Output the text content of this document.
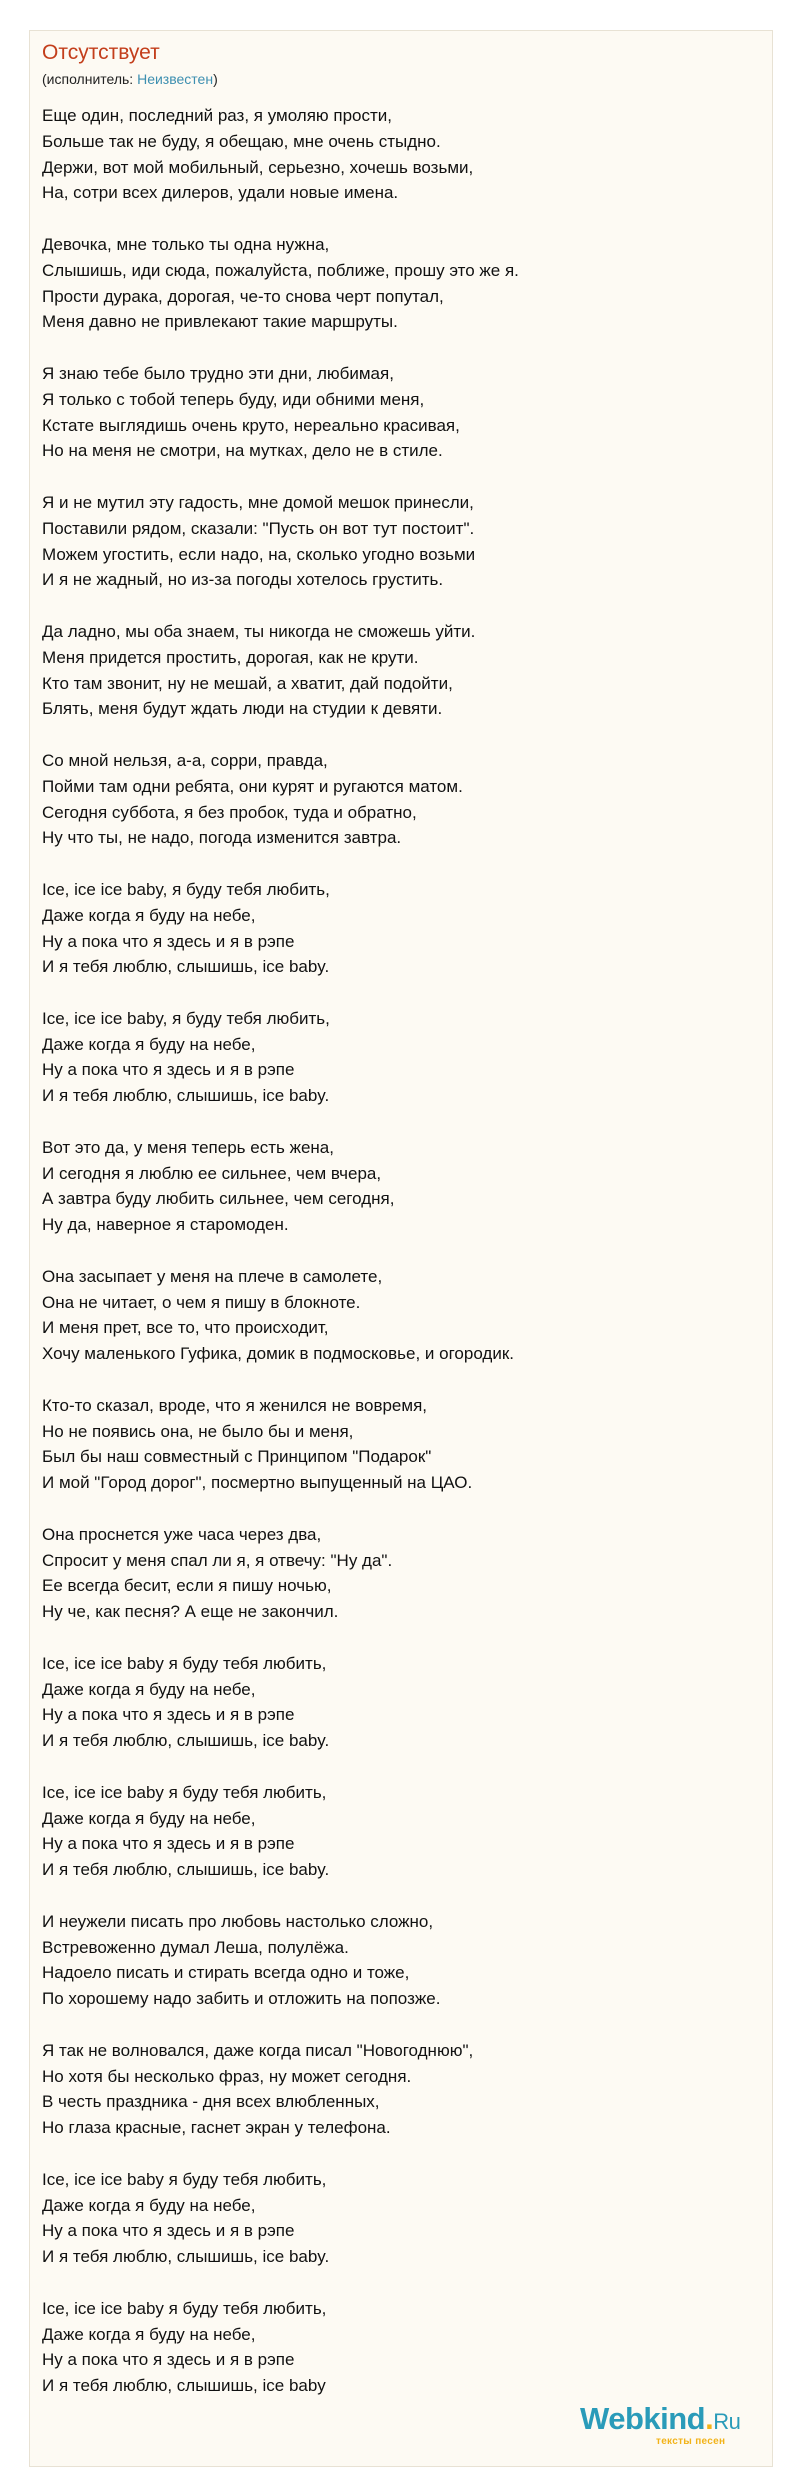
Отсутствует
(исполнитель: Неизвестен)
Еще один, последний раз, я умоляю прости,
Больше так не буду, я обещаю, мне очень стыдно.
Держи, вот мой мобильный, серьезно, хочешь возьми,
На, сотри всех дилеров, удали новые имена.
Девочка, мне только ты одна нужна,
Слышишь, иди сюда, пожалуйста, поближе, прошу это же я.
Прости дурака, дорогая, че-то снова черт попутал,
Меня давно не привлекают такие маршруты.
Я знаю тебе было трудно эти дни, любимая,
Я только с тобой теперь буду, иди обними меня,
Кстате выглядишь очень круто, нереально красивая,
Но на меня не смотри, на мутках, дело не в стиле.
Я и не мутил эту гадость, мне домой мешок принесли,
Поставили рядом, сказали: "Пусть он вот тут постоит".
Можем угостить, если надо, на, сколько угодно возьми
И я не жадный, но из-за погоды хотелось грустить.
Да ладно, мы оба знаем, ты никогда не сможешь уйти.
Меня придется простить, дорогая, как не крути.
Кто там звонит, ну не мешай, а хватит, дай подойти,
Блять, меня будут ждать люди на студии к девяти.
Со мной нельзя, а-а, сорри, правда,
Пойми там одни ребята, они курят и ругаются матом.
Сегодня суббота, я без пробок, туда и обратно,
Ну что ты, не надо, погода изменится завтра.
Ice, ice ice baby, я буду тебя любить,
Даже когда я буду на небе,
Ну а пока что я здесь и я в рэпе
И я тебя люблю, слышишь, ice baby.
Ice, ice ice baby, я буду тебя любить,
Даже когда я буду на небе,
Ну а пока что я здесь и я в рэпе
И я тебя люблю, слышишь, ice baby.
Вот это да, у меня теперь есть жена,
И сегодня я люблю ее сильнее, чем вчера,
А завтра буду любить сильнее, чем сегодня,
Ну да, наверное я старомоден.
Она засыпает у меня на плече в самолете,
Она не читает, о чем я пишу в блокноте.
И меня прет, все то, что происходит,
Хочу маленького Гуфика, домик в подмосковье, и огородик.
Кто-то сказал, вроде, что я женился не вовремя,
Но не появись она, не было бы и меня,
Был бы наш совместный с Принципом "Подарок"
И мой "Город дорог", посмертно выпущенный на ЦАО.
Она проснется уже часа через два,
Спросит у меня спал ли я, я отвечу: "Ну да".
Ее всегда бесит, если я пишу ночью,
Ну че, как песня? А еще не закончил.
Ice, ice ice baby я буду тебя любить,
Даже когда я буду на небе,
Ну а пока что я здесь и я в рэпе
И я тебя люблю, слышишь, ice baby.
Ice, ice ice baby я буду тебя любить,
Даже когда я буду на небе,
Ну а пока что я здесь и я в рэпе
И я тебя люблю, слышишь, ice baby.
И неужели писать про любовь настолько сложно,
Встревоженно думал Леша, полулёжа.
Надоело писать и стирать всегда одно и тоже,
По хорошему надо забить и отложить на попозже.
Я так не волновался, даже когда писал "Новогоднюю",
Но хотя бы несколько фраз, ну может сегодня.
В честь праздника - дня всех влюбленных,
Но глаза красные, гаснет экран у телефона.
Ice, ice ice baby я буду тебя любить,
Даже когда я буду на небе,
Ну а пока что я здесь и я в рэпе
И я тебя люблю, слышишь, ice baby.
Ice, ice ice baby я буду тебя любить,
Даже когда я буду на небе,
Ну а пока что я здесь и я в рэпе
И я тебя люблю, слышишь, ice baby
Webkind.Ru
тексты песен
